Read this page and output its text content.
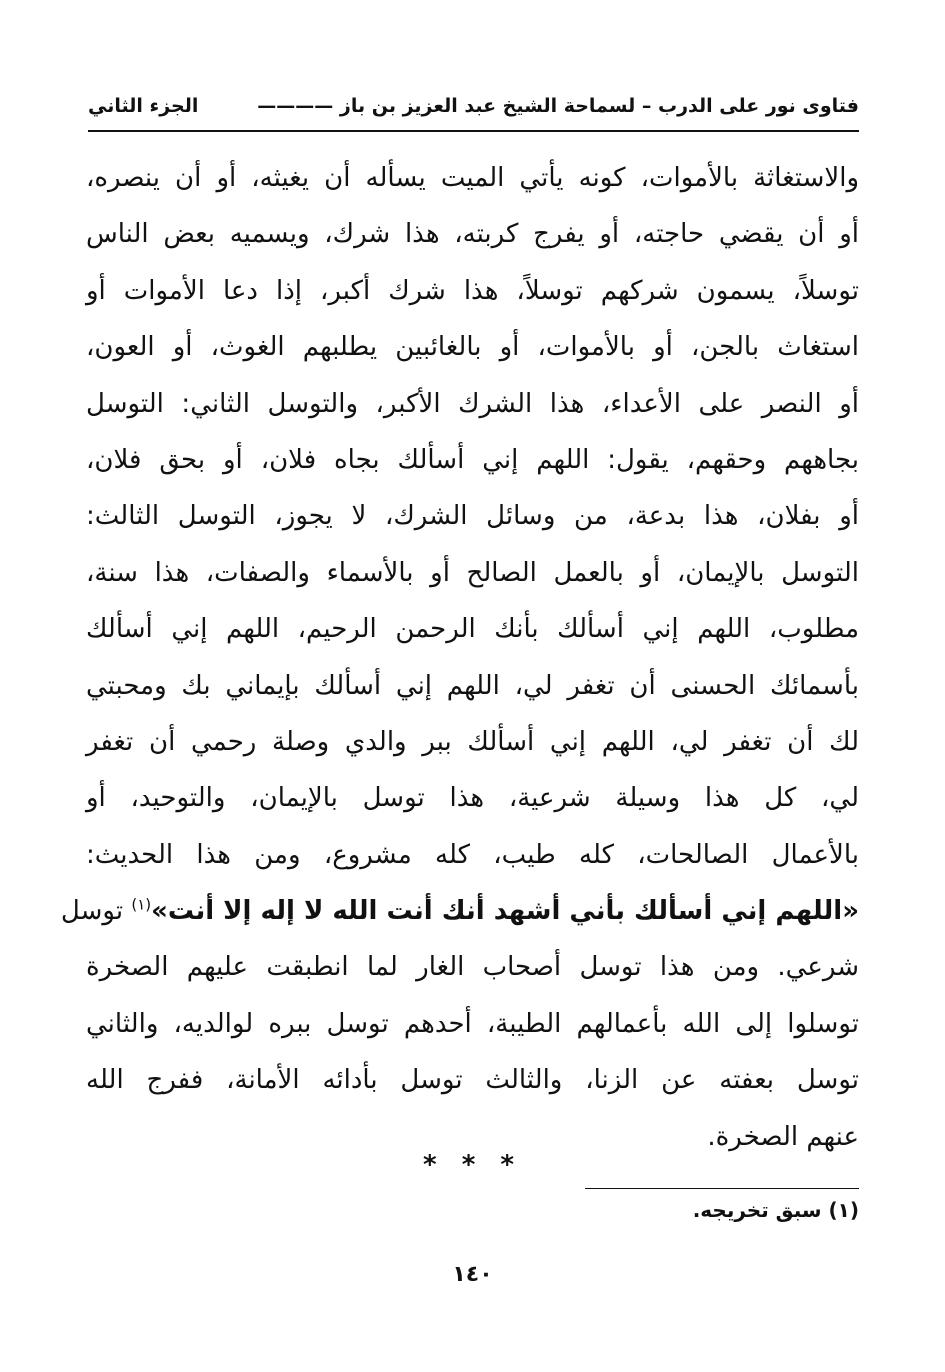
فتاوى نور على الدرب – لسماحة الشيخ عبد العزيز بن باز ————
الجزء الثاني
والاستغاثة بالأموات، كونه يأتي الميت يسأله أن يغيثه، أو أن ينصره،
أو أن يقضي حاجته، أو يفرج كربته، هذا شرك، ويسميه بعض الناس
توسلاً، يسمون شركهم توسلاً، هذا شرك أكبر، إذا دعا الأموات أو
استغاث بالجن، أو بالأموات، أو بالغائبين يطلبهم الغوث، أو العون،
أو النصر على الأعداء، هذا الشرك الأكبر، والتوسل الثاني: التوسل
بجاههم وحقهم، يقول: اللهم إني أسألك بجاه فلان، أو بحق فلان،
أو بفلان، هذا بدعة، من وسائل الشرك، لا يجوز، التوسل الثالث:
التوسل بالإيمان، أو بالعمل الصالح أو بالأسماء والصفات، هذا سنة،
مطلوب، اللهم إني أسألك بأنك الرحمن الرحيم، اللهم إني أسألك
بأسمائك الحسنى أن تغفر لي، اللهم إني أسألك بإيماني بك ومحبتي
لك أن تغفر لي، اللهم إني أسألك ببر والدي وصلة رحمي أن تغفر
لي، كل هذا وسيلة شرعية، هذا توسل بالإيمان، والتوحيد، أو
بالأعمال الصالحات، كله طيب، كله مشروع، ومن هذا الحديث:
«اللهم إني أسألك بأني أشهد أنك أنت الله لا إله إلا أنت»$^{(١)}$ توسل
شرعي. ومن هذا توسل أصحاب الغار لما انطبقت عليهم الصخرة
توسلوا إلى الله بأعمالهم الطيبة، أحدهم توسل ببره لوالديه، والثاني
توسل بعفته عن الزنا، والثالث توسل بأدائه الأمانة، ففرج الله
عنهم الصخرة.
* * *
(١) سبق تخريجه.
١٤٠
